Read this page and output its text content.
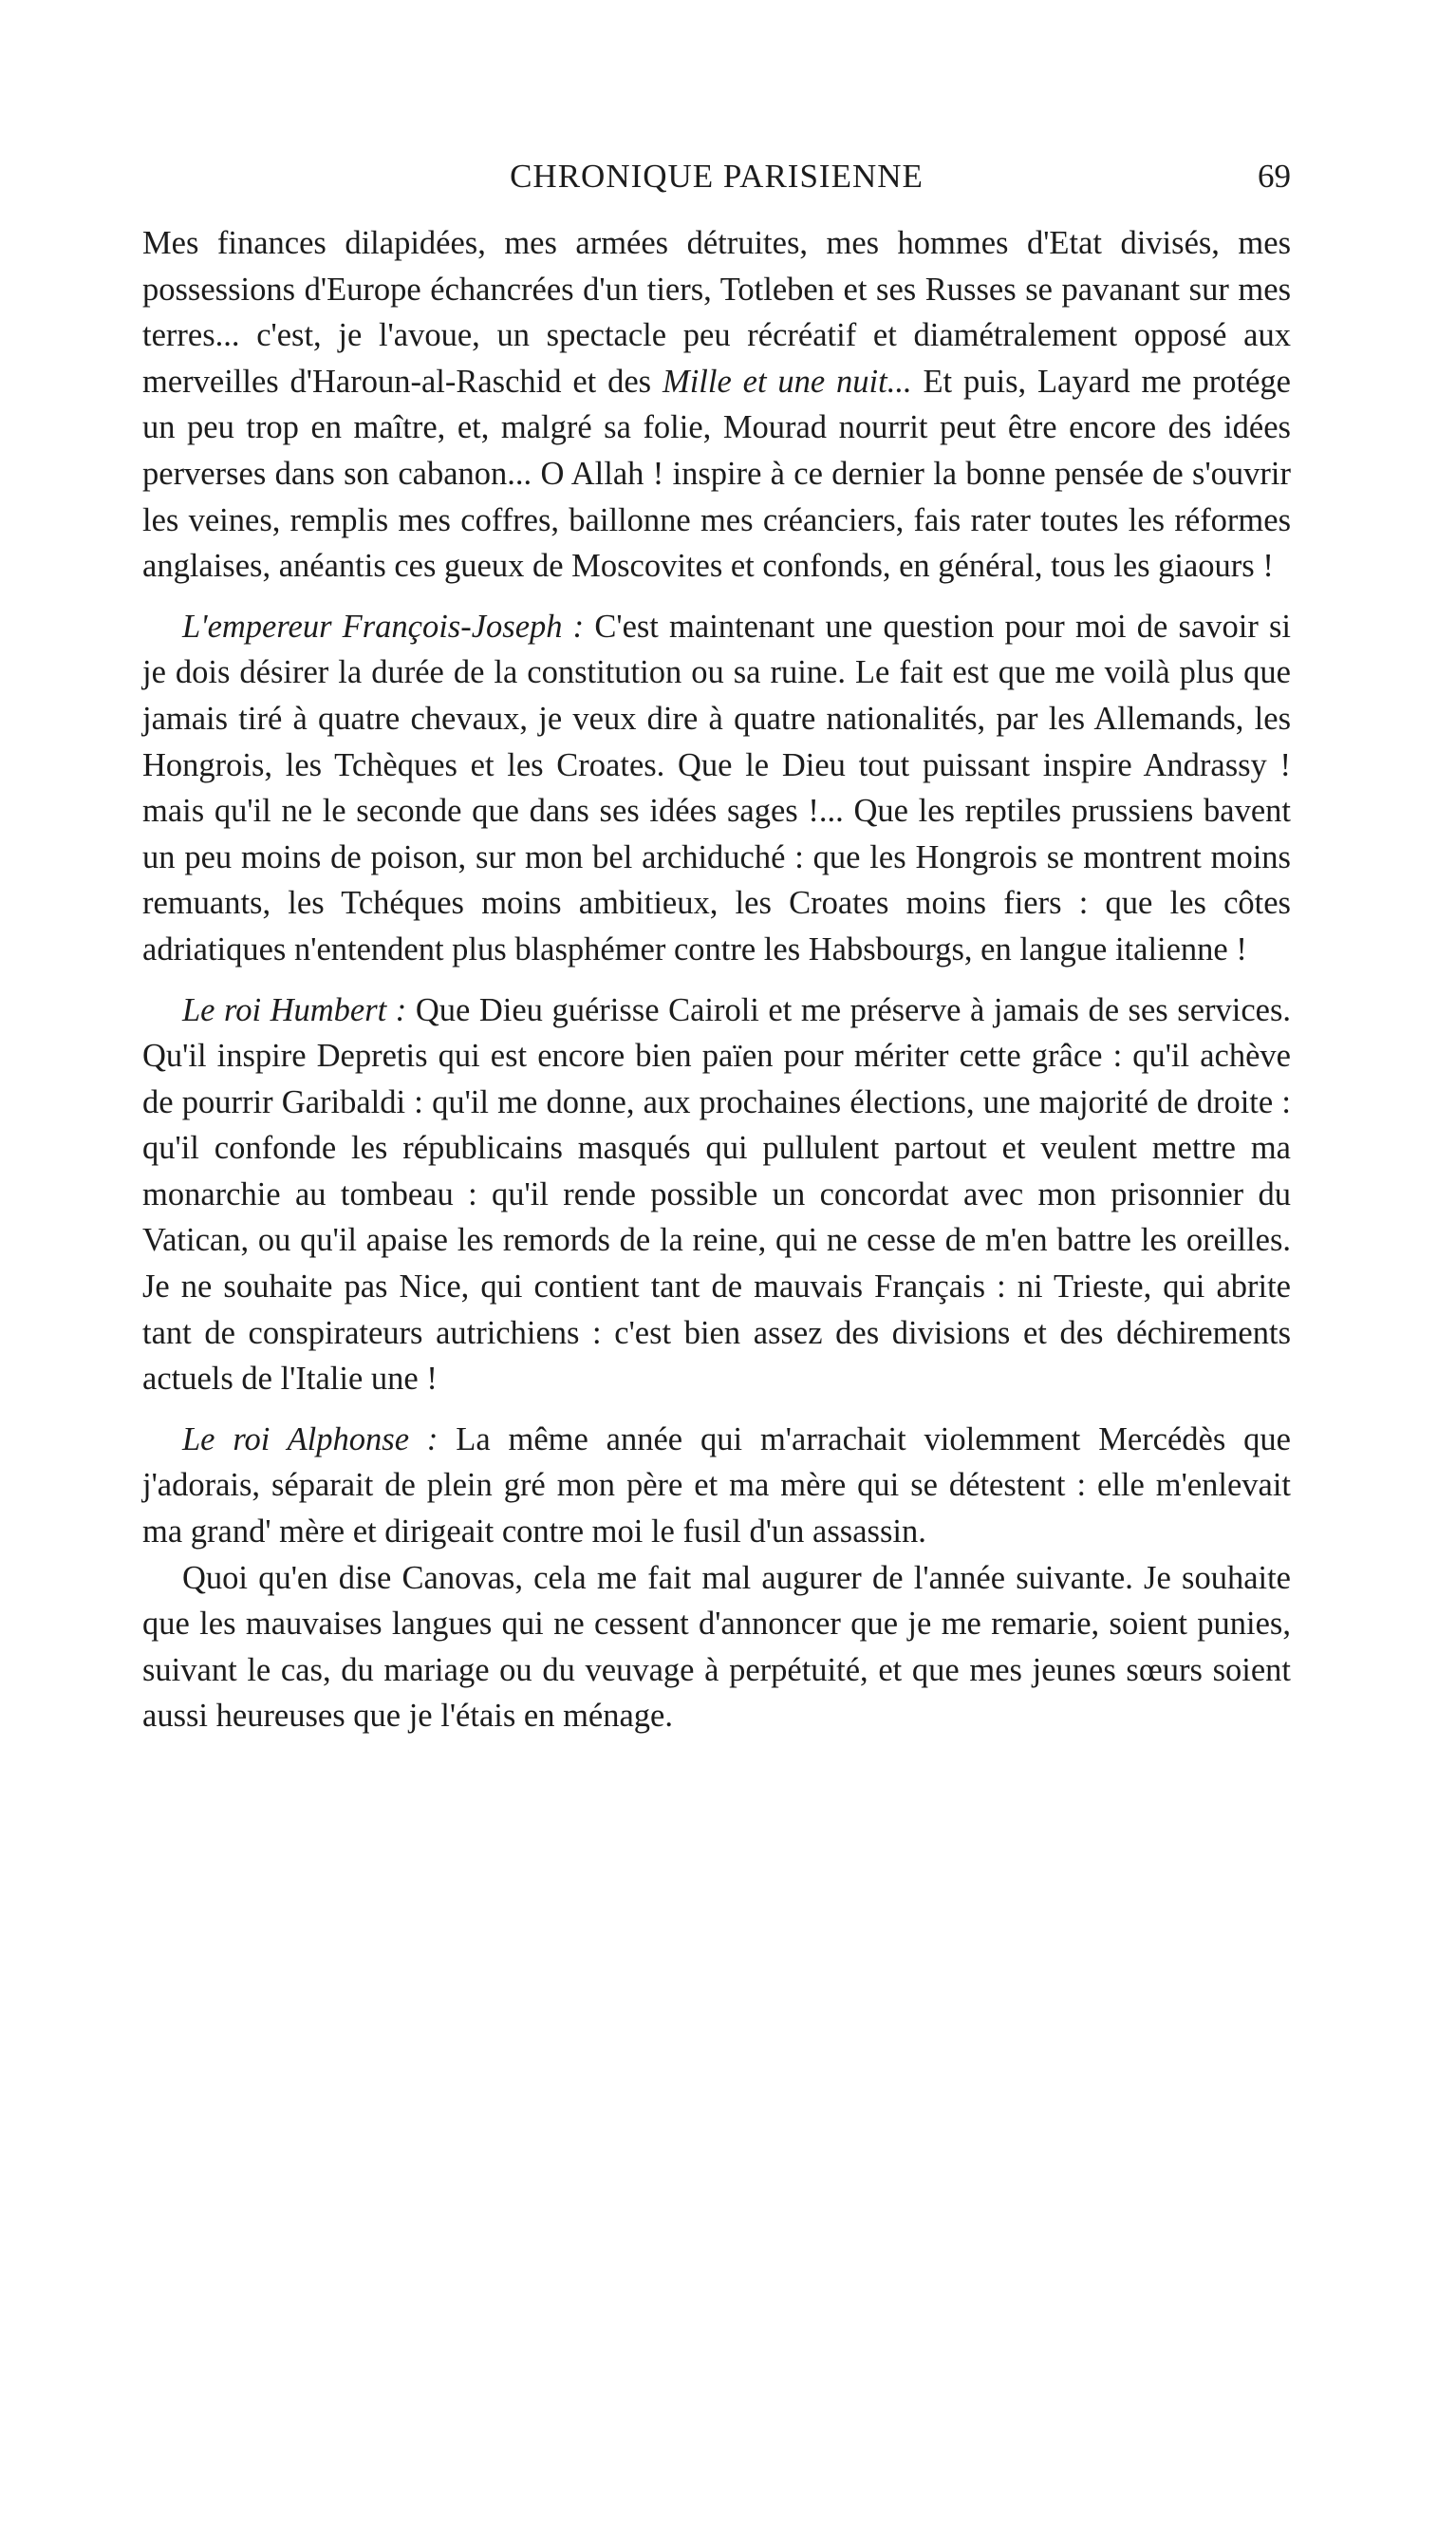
CHRONIQUE PARISIENNE	69

Mes finances dilapidées, mes armées détruites, mes hommes d'Etat divisés, mes possessions d'Europe échancrées d'un tiers, Totleben et ses Russes se pavanant sur mes terres... c'est, je l'avoue, un spectacle peu récréatif et diamétralement opposé aux merveilles d'Haroun-al-Raschid et des Mille et une nuit... Et puis, Layard me protége un peu trop en maître, et, malgré sa folie, Mourad nourrit peut être encore des idées perverses dans son cabanon... O Allah ! inspire à ce dernier la bonne pensée de s'ouvrir les veines, remplis mes coffres, baillonne mes créanciers, fais rater toutes les réformes anglaises, anéantis ces gueux de Moscovites et confonds, en général, tous les giaours !

L'empereur François-Joseph : C'est maintenant une question pour moi de savoir si je dois désirer la durée de la constitution ou sa ruine. Le fait est que me voilà plus que jamais tiré à quatre chevaux, je veux dire à quatre nationalités, par les Allemands, les Hongrois, les Tchèques et les Croates. Que le Dieu tout puissant inspire Andrassy ! mais qu'il ne le seconde que dans ses idées sages !... Que les reptiles prussiens bavent un peu moins de poison, sur mon bel archiduché : que les Hongrois se montrent moins remuants, les Tchéques moins ambitieux, les Croates moins fiers : que les côtes adriatiques n'entendent plus blasphémer contre les Habsbourgs, en langue italienne !

Le roi Humbert : Que Dieu guérisse Cairoli et me préserve à jamais de ses services. Qu'il inspire Depretis qui est encore bien païen pour mériter cette grâce : qu'il achève de pourrir Garibaldi : qu'il me donne, aux prochaines élections, une majorité de droite : qu'il confonde les républicains masqués qui pullulent partout et veulent mettre ma monarchie au tombeau : qu'il rende possible un concordat avec mon prisonnier du Vatican, ou qu'il apaise les remords de la reine, qui ne cesse de m'en battre les oreilles. Je ne souhaite pas Nice, qui contient tant de mauvais Français : ni Trieste, qui abrite tant de conspirateurs autrichiens : c'est bien assez des divisions et des déchirements actuels de l'Italie une !

Le roi Alphonse : La même année qui m'arrachait violemment Mercédès que j'adorais, séparait de plein gré mon père et ma mère qui se détestent : elle m'enlevait ma grand' mère et dirigeait contre moi le fusil d'un assassin.

Quoi qu'en dise Canovas, cela me fait mal augurer de l'année suivante. Je souhaite que les mauvaises langues qui ne cessent d'annoncer que je me remarie, soient punies, suivant le cas, du mariage ou du veuvage à perpétuité, et que mes jeunes sœurs soient aussi heureuses que je l'étais en ménage.
